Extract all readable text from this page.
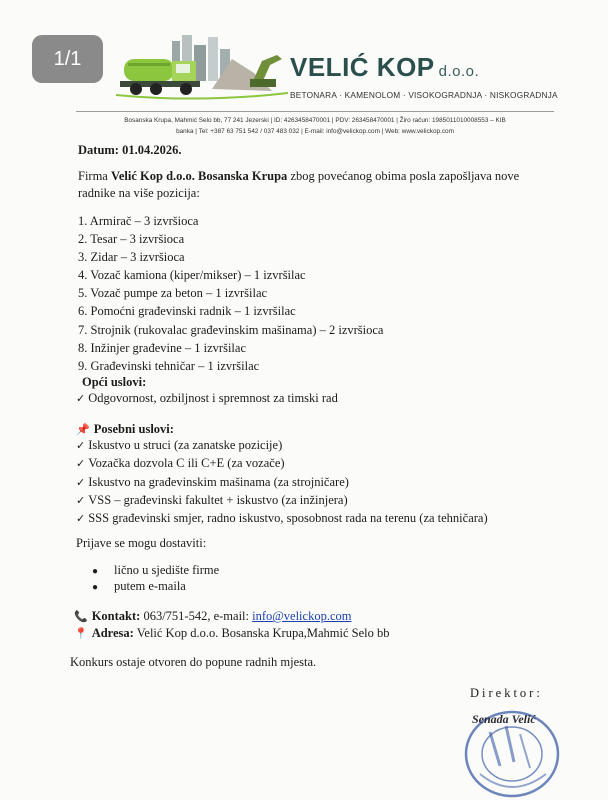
1/1	VELIĆ KOP d.o.o.
BETONARA · KAMENOLOM · VISOKOGRADNJA · NISKOGRADNJA
Bosanska Krupa, Mahmić Selo bb, 77 241 Jezerski | ID: 4263458470001 | PDV: 263458470001 | Žiro račun: 1985011010008553 – KIB
banka | Tel: +387 63 751 542 / 037 483 032 | E-mail: info@velickop.com | Web: www.velickop.com
Datum: 01.04.2026.
Firma Velić Kop d.o.o. Bosanska Krupa zbog povećanog obima posla zapošljava nove radnike na više pozicija:
1. Armirač – 3 izvršioca
2. Tesar – 3 izvršioca
3. Zidar – 3 izvršioca
4. Vozač kamiona (kiper/mikser) – 1 izvršilac
5. Vozač pumpe za beton – 1 izvršilac
6. Pomoćni građevinski radnik – 1 izvršilac
7. Strojnik (rukovalac građevinskim mašinama) – 2 izvršioca
8. Inžinjer građevine – 1 izvršilac
9. Građevinski tehničar – 1 izvršilac
Opći uslovi:
✓ Odgovornost, ozbiljnost i spremnost za timski rad
📌 Posebni uslovi:
✓ Iskustvo u struci (za zanatske pozicije)
✓ Vozačka dozvola C ili C+E (za vozače)
✓ Iskustvo na građevinskim mašinama (za strojničare)
✓ VSS – građevinski fakultet + iskustvo (za inžinjera)
✓ SSS građevinski smjer, radno iskustvo, sposobnost rada na terenu (za tehničara)
Prijave se mogu dostaviti:
● lično u sjedište firme
● putem e-maila
📞 Kontakt: 063/751-542, e-mail: info@velickop.com
📍 Adresa: Velić Kop d.o.o. Bosanska Krupa,Mahmić Selo bb
Konkurs ostaje otvoren do popune radnih mjesta.
Direktor:
Senada Velić
